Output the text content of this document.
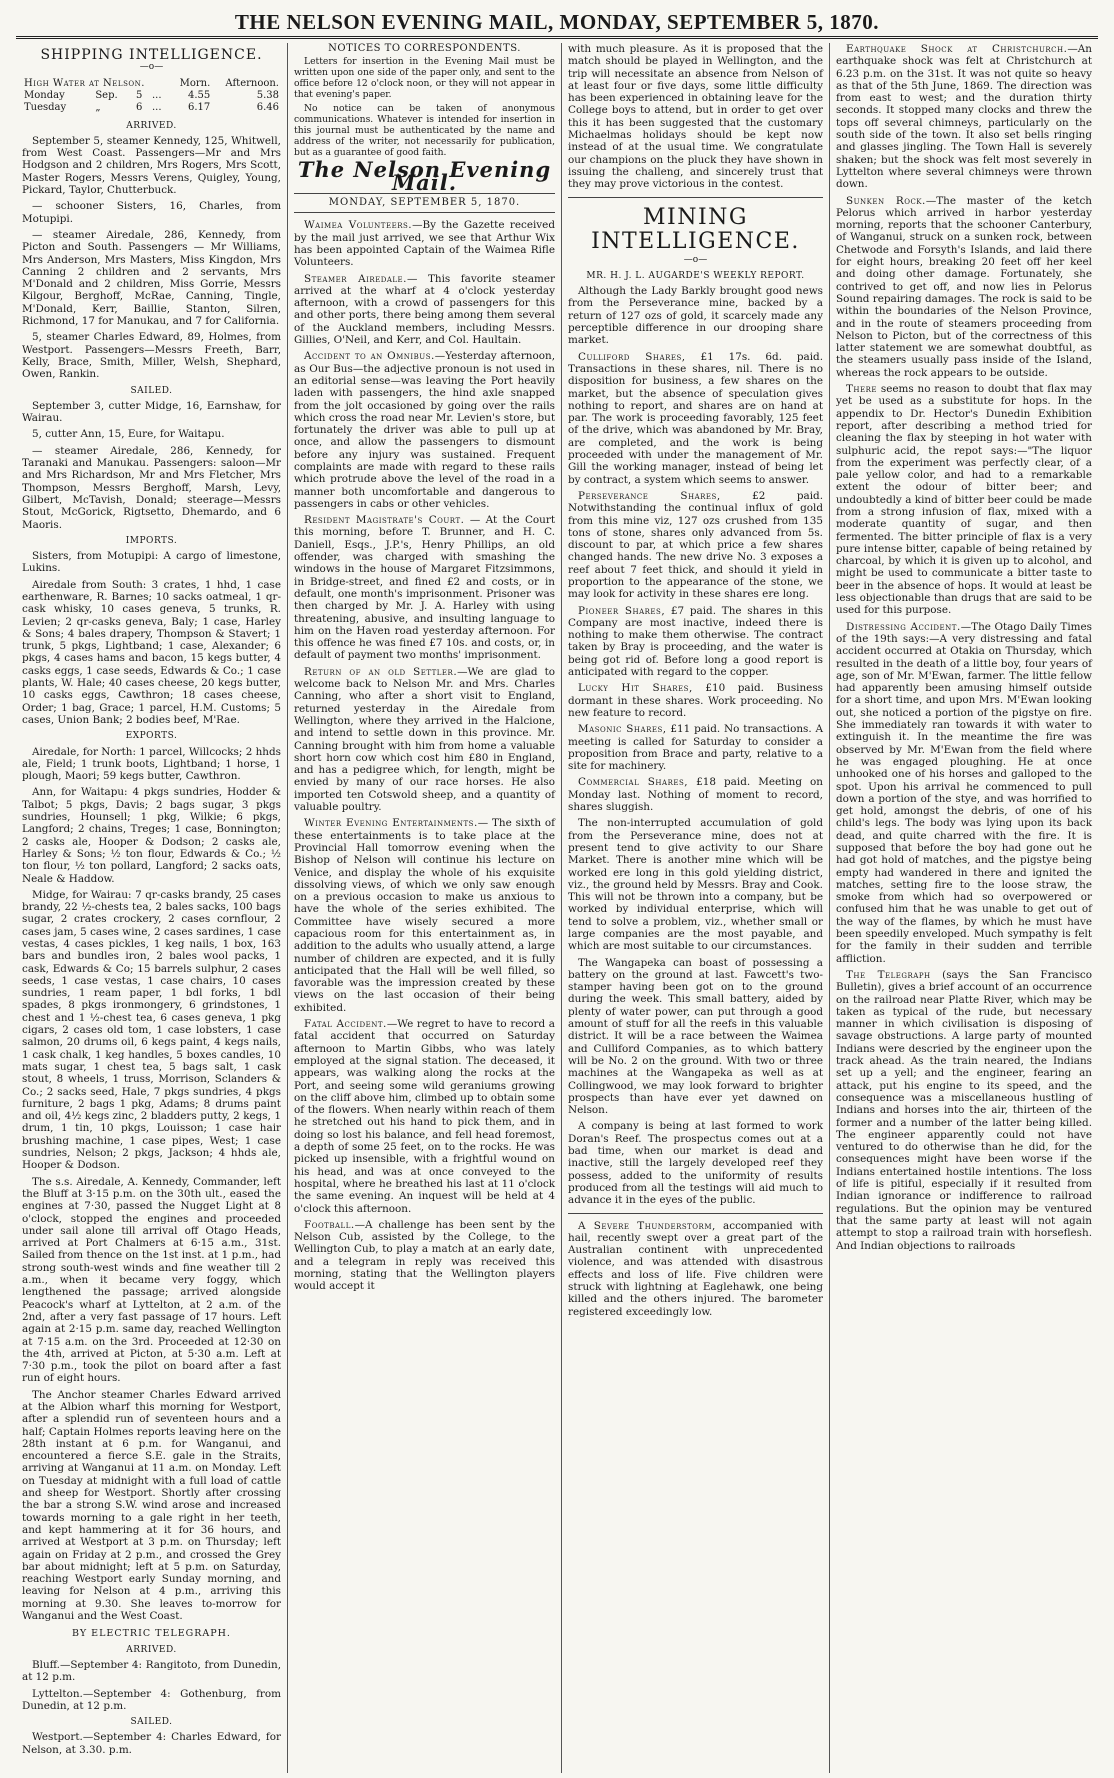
THE NELSON EVENING MAIL, MONDAY, SEPTEMBER 5, 1870.
SHIPPING INTELLIGENCE.
—o—
High Water at Nelson.				Morn.	Afternoon.
Monday	Sep.	5	...	4.55	5.38
Tuesday	„	6	...	6.17	6.46
ARRIVED.

September 5, steamer Kennedy, 125, Whitwell, from West Coast. Passengers—Mr and Mrs Hodgson and 2 children, Mrs Rogers, Mrs Scott, Master Rogers, Messrs Verens, Quigley, Young, Pickard, Taylor, Chutterbuck.

— schooner Sisters, 16, Charles, from Motupipi.

— steamer Airedale, 286, Kennedy, from Picton and South. Passengers — Mr Williams, Mrs Anderson, Mrs Masters, Miss Kingdon, Mrs Canning 2 children and 2 servants, Mrs M'Donald and 2 children, Miss Gorrie, Messrs Kilgour, Berghoff, McRae, Canning, Tingle, M'Donald, Kerr, Baillie, Stanton, Silren, Richmond, 17 for Manukau, and 7 for California.

5, steamer Charles Edward, 89, Holmes, from Westport. Passengers—Messrs Freeth, Barr, Kelly, Brace, Smith, Miller, Welsh, Shephard, Owen, Rankin.

SAILED.

September 3, cutter Midge, 16, Earnshaw, for Wairau.

5, cutter Ann, 15, Eure, for Waitapu.

— steamer Airedale, 286, Kennedy, for Taranaki and Manukau. Passengers: saloon—Mr and Mrs Richardson, Mr and Mrs Fletcher, Mrs Thompson, Messrs Berghoff, Marsh, Levy, Gilbert, McTavish, Donald; steerage—Messrs Stout, McGorick, Rigtsetto, Dhemardo, and 6 Maoris.

IMPORTS.

Sisters, from Motupipi: A cargo of limestone, Lukins.

Airedale from South: 3 crates, 1 hhd, 1 case earthenware, R. Barnes; 10 sacks oatmeal, 1 qr-cask whisky, 10 cases geneva, 5 trunks, R. Levien; 2 qr-casks geneva, Baly; 1 case, Harley & Sons; 4 bales drapery, Thompson & Stavert; 1 trunk, 5 pkgs, Lightband; 1 case, Alexander; 6 pkgs, 4 cases hams and bacon, 15 kegs butter, 4 casks eggs, 1 case seeds, Edwards & Co.; 1 case plants, W. Hale; 40 cases cheese, 20 kegs butter, 10 casks eggs, Cawthron; 18 cases cheese, Order; 1 bag, Grace; 1 parcel, H.M. Customs; 5 cases, Union Bank; 2 bodies beef, M'Rae.

EXPORTS.

Airedale, for North: 1 parcel, Willcocks; 2 hhds ale, Field; 1 trunk boots, Lightband; 1 horse, 1 plough, Maori; 59 kegs butter, Cawthron.

Ann, for Waitapu: 4 pkgs sundries, Hodder & Talbot; 5 pkgs, Davis; 2 bags sugar, 3 pkgs sundries, Hounsell; 1 pkg, Wilkie; 6 pkgs, Langford; 2 chains, Treges; 1 case, Bonnington; 2 casks ale, Hooper & Dodson; 2 casks ale, Harley & Sons; ½ ton flour, Edwards & Co.; ½ ton flour, ½ ton pollard, Langford; 2 sacks oats, Neale & Haddow.

Midge, for Wairau: 7 qr-casks brandy, 25 cases brandy, 22 ½-chests tea, 2 bales sacks, 100 bags sugar, 2 crates crockery, 2 cases cornflour, 2 cases jam, 5 cases wine, 2 cases sardines, 1 case vestas, 4 cases pickles, 1 keg nails, 1 box, 163 bars and bundles iron, 2 bales wool packs, 1 cask, Edwards & Co; 15 barrels sulphur, 2 cases seeds, 1 case vestas, 1 case chairs, 10 cases sundries, 1 ream paper, 1 bdl forks, 1 bdl spades, 8 pkgs ironmongery, 6 grindstones, 1 chest and 1 ½-chest tea, 6 cases geneva, 1 pkg cigars, 2 cases old tom, 1 case lobsters, 1 case salmon, 20 drums oil, 6 kegs paint, 4 kegs nails, 1 cask chalk, 1 keg handles, 5 boxes candles, 10 mats sugar, 1 chest tea, 5 bags salt, 1 cask stout, 8 wheels, 1 truss, Morrison, Sclanders & Co.; 2 sacks seed, Hale, 7 pkgs sundries, 4 pkgs furniture, 2 bags 1 pkg, Adams; 8 drums paint and oil, 4½ kegs zinc, 2 bladders putty, 2 kegs, 1 drum, 1 tin, 10 pkgs, Louisson; 1 case hair brushing machine, 1 case pipes, West; 1 case sundries, Nelson; 2 pkgs, Jackson; 4 hhds ale, Hooper & Dodson.

The s.s. Airedale, A. Kennedy, Commander, left the Bluff at 3·15 p.m. on the 30th ult., eased the engines at 7·30, passed the Nugget Light at 8 o'clock, stopped the engines and proceeded under sail alone till arrival off Otago Heads, arrived at Port Chalmers at 6·15 a.m., 31st. Sailed from thence on the 1st inst. at 1 p.m., had strong south-west winds and fine weather till 2 a.m., when it became very foggy, which lengthened the passage; arrived alongside Peacock's wharf at Lyttelton, at 2 a.m. of the 2nd, after a very fast passage of 17 hours. Left again at 2·15 p.m. same day, reached Wellington at 7·15 a.m. on the 3rd. Proceeded at 12·30 on the 4th, arrived at Picton, at 5·30 a.m. Left at 7·30 p.m., took the pilot on board after a fast run of eight hours.

The Anchor steamer Charles Edward arrived at the Albion wharf this morning for Westport, after a splendid run of seventeen hours and a half; Captain Holmes reports leaving here on the 28th instant at 6 p.m. for Wanganui, and encountered a fierce S.E. gale in the Straits, arriving at Wanganui at 11 a.m. on Monday. Left on Tuesday at midnight with a full load of cattle and sheep for Westport. Shortly after crossing the bar a strong S.W. wind arose and increased towards morning to a gale right in her teeth, and kept hammering at it for 36 hours, and arrived at Westport at 3 p.m. on Thursday; left again on Friday at 2 p.m., and crossed the Grey bar about midnight; left at 5 p.m. on Saturday, reaching Westport early Sunday morning, and leaving for Nelson at 4 p.m., arriving this morning at 9.30. She leaves to-morrow for Wanganui and the West Coast.

BY ELECTRIC TELEGRAPH.
ARRIVED.

Bluff.—September 4: Rangitoto, from Dunedin, at 12 p.m.

Lyttelton.—September 4: Gothenburg, from Dunedin, at 12 p.m.

SAILED.

Westport.—September 4: Charles Edward, for Nelson, at 3.30. p.m.

NOTICES TO CORRESPONDENTS.

Letters for insertion in the Evening Mail must be written upon one side of the paper only, and sent to the office before 12 o'clock noon, or they will not appear in that evening's paper.

No notice can be taken of anonymous communications. Whatever is intended for insertion in this journal must be authenticated by the name and address of the writer, not necessarily for publication, but as a guarantee of good faith.

The Nelson Evening Mail.
MONDAY, SEPTEMBER 5, 1870.

Waimea Volunteers.—By the Gazette received by the mail just arrived, we see that Arthur Wix has been appointed Captain of the Waimea Rifle Volunteers.

Steamer Airedale.— This favorite steamer arrived at the wharf at 4 o'clock yesterday afternoon, with a crowd of passengers for this and other ports, there being among them several of the Auckland members, including Messrs. Gillies, O'Neil, and Kerr, and Col. Haultain.

Accident to an Omnibus.—Yesterday afternoon, as Our Bus—the adjective pronoun is not used in an editorial sense—was leaving the Port heavily laden with passengers, the hind axle snapped from the jolt occasioned by going over the rails which cross the road near Mr. Levien's store, but fortunately the driver was able to pull up at once, and allow the passengers to dismount before any injury was sustained. Frequent complaints are made with regard to these rails which protrude above the level of the road in a manner both uncomfortable and dangerous to passengers in cabs or other vehicles.

Resident Magistrate's Court. — At the Court this morning, before T. Brunner, and H. C. Daniell, Esqs., J.P.'s, Henry Phillips, an old offender, was charged with smashing the windows in the house of Margaret Fitzsimmons, in Bridge-street, and fined £2 and costs, or in default, one month's imprisonment. Prisoner was then charged by Mr. J. A. Harley with using threatening, abusive, and insulting language to him on the Haven road yesterday afternoon. For this offence he was fined £7 10s. and costs, or, in default of payment two months' imprisonment.

Return of an old Settler.—We are glad to welcome back to Nelson Mr. and Mrs. Charles Canning, who after a short visit to England, returned yesterday in the Airedale from Wellington, where they arrived in the Halcione, and intend to settle down in this province. Mr. Canning brought with him from home a valuable short horn cow which cost him £80 in England, and has a pedigree which, for length, might be envied by many of our race horses. He also imported ten Cotswold sheep, and a quantity of valuable poultry.

Winter Evening Entertainments.— The sixth of these entertainments is to take place at the Provincial Hall tomorrow evening when the Bishop of Nelson will continue his lecture on Venice, and display the whole of his exquisite dissolving views, of which we only saw enough on a previous occasion to make us anxious to have the whole of the series exhibited. The Committee have wisely secured a more capacious room for this entertainment as, in addition to the adults who usually attend, a large number of children are expected, and it is fully anticipated that the Hall will be well filled, so favorable was the impression created by these views on the last occasion of their being exhibited.

Fatal Accident.—We regret to have to record a fatal accident that occurred on Saturday afternoon to Martin Gibbs, who was lately employed at the signal station. The deceased, it appears, was walking along the rocks at the Port, and seeing some wild geraniums growing on the cliff above him, climbed up to obtain some of the flowers. When nearly within reach of them he stretched out his hand to pick them, and in doing so lost his balance, and fell head foremost, a depth of some 25 feet, on to the rocks. He was picked up insensible, with a frightful wound on his head, and was at once conveyed to the hospital, where he breathed his last at 11 o'clock the same evening. An inquest will be held at 4 o'clock this afternoon.

Football.—A challenge has been sent by the Nelson Cub, assisted by the College, to the Wellington Cub, to play a match at an early date, and a telegram in reply was received this morning, stating that the Wellington players would accept it

with much pleasure. As it is proposed that the match should be played in Wellington, and the trip will necessitate an absence from Nelson of at least four or five days, some little difficulty has been experienced in obtaining leave for the College boys to attend, but in order to get over this it has been suggested that the customary Michaelmas holidays should be kept now instead of at the usual time. We congratulate our champions on the pluck they have shown in issuing the challeng, and sincerely trust that they may prove victorious in the contest.

MINING INTELLIGENCE.
—o—
MR. H. J. L. AUGARDE'S WEEKLY REPORT.

Although the Lady Barkly brought good news from the Perseverance mine, backed by a return of 127 ozs of gold, it scarcely made any perceptible difference in our drooping share market.

Culliford Shares, £1 17s. 6d. paid. Transactions in these shares, nil. There is no disposition for business, a few shares on the market, but the absence of speculation gives nothing to report, and shares are on hand at par. The work is proceeding favorably, 125 feet of the drive, which was abandoned by Mr. Bray, are completed, and the work is being proceeded with under the management of Mr. Gill the working manager, instead of being let by contract, a system which seems to answer.

Perseverance Shares, £2 paid. Notwithstanding the continual influx of gold from this mine viz, 127 ozs crushed from 135 tons of stone, shares only advanced from 5s. discount to par, at which price a few shares changed hands. The new drive No. 3 exposes a reef about 7 feet thick, and should it yield in proportion to the appearance of the stone, we may look for activity in these shares ere long.

Pioneer Shares, £7 paid. The shares in this Company are most inactive, indeed there is nothing to make them otherwise. The contract taken by Bray is proceeding, and the water is being got rid of. Before long a good report is anticipated with regard to the copper.

Lucky Hit Shares, £10 paid. Business dormant in these shares. Work proceeding. No new feature to record.

Masonic Shares, £11 paid. No transactions. A meeting is called for Saturday to consider a proposition from Brace and party, relative to a site for machinery.

Commercial Shares, £18 paid. Meeting on Monday last. Nothing of moment to record, shares sluggish.

The non-interrupted accumulation of gold from the Perseverance mine, does not at present tend to give activity to our Share Market. There is another mine which will be worked ere long in this gold yielding district, viz., the ground held by Messrs. Bray and Cook. This will not be thrown into a company, but be worked by individual enterprise, which will tend to solve a problem, viz., whether small or large companies are the most payable, and which are most suitable to our circumstances.

The Wangapeka can boast of possessing a battery on the ground at last. Fawcett's two-stamper having been got on to the ground during the week. This small battery, aided by plenty of water power, can put through a good amount of stuff for all the reefs in this valuable district. It will be a race between the Waimea and Culliford Companies, as to which battery will be No. 2 on the ground. With two or three machines at the Wangapeka as well as at Collingwood, we may look forward to brighter prospects than have ever yet dawned on Nelson.

A company is being at last formed to work Doran's Reef. The prospectus comes out at a bad time, when our market is dead and inactive, still the largely developed reef they possess, added to the uniformity of results produced from all the testings will aid much to advance it in the eyes of the public.

A Severe Thunderstorm, accompanied with hail, recently swept over a great part of the Australian continent with unprecedented violence, and was attended with disastrous effects and loss of life. Five children were struck with lightning at Eaglehawk, one being killed and the others injured. The barometer registered exceedingly low.

Earthquake Shock at Christchurch.—An earthquake shock was felt at Christchurch at 6.23 p.m. on the 31st. It was not quite so heavy as that of the 5th June, 1869. The direction was from east to west; and the duration thirty seconds. It stopped many clocks and threw the tops off several chimneys, particularly on the south side of the town. It also set bells ringing and glasses jingling. The Town Hall is severely shaken; but the shock was felt most severely in Lyttelton where several chimneys were thrown down.

Sunken Rock.—The master of the ketch Pelorus which arrived in harbor yesterday morning, reports that the schooner Canterbury, of Wanganui, struck on a sunken rock, between Chetwode and Forsyth's Islands, and laid there for eight hours, breaking 20 feet off her keel and doing other damage. Fortunately, she contrived to get off, and now lies in Pelorus Sound repairing damages. The rock is said to be within the boundaries of the Nelson Province, and in the route of steamers proceeding from Nelson to Picton, but of the correctness of this latter statement we are somewhat doubtful, as the steamers usually pass inside of the Island, whereas the rock appears to be outside.

There seems no reason to doubt that flax may yet be used as a substitute for hops. In the appendix to Dr. Hector's Dunedin Exhibition report, after describing a method tried for cleaning the flax by steeping in hot water with sulphuric acid, the repot says:—"The liquor from the experiment was perfectly clear, of a pale yellow color, and had to a remarkable extent the odour of bitter beer; and undoubtedly a kind of bitter beer could be made from a strong infusion of flax, mixed with a moderate quantity of sugar, and then fermented. The bitter principle of flax is a very pure intense bitter, capable of being retained by charcoal, by which it is given up to alcohol, and might be used to communicate a bitter taste to beer in the absence of hops. It would at least be less objectionable than drugs that are said to be used for this purpose.

Distressing Accident.—The Otago Daily Times of the 19th says:—A very distressing and fatal accident occurred at Otakia on Thursday, which resulted in the death of a little boy, four years of age, son of Mr. M'Ewan, farmer. The little fellow had apparently been amusing himself outside for a short time, and upon Mrs. M'Ewan looking out, she noticed a portion of the pigstye on fire. She immediately ran towards it with water to extinguish it. In the meantime the fire was observed by Mr. M'Ewan from the field where he was engaged ploughing. He at once unhooked one of his horses and galloped to the spot. Upon his arrival he commenced to pull down a portion of the stye, and was horrified to get hold, amongst the debris, of one of his child's legs. The body was lying upon its back dead, and quite charred with the fire. It is supposed that before the boy had gone out he had got hold of matches, and the pigstye being empty had wandered in there and ignited the matches, setting fire to the loose straw, the smoke from which had so overpowered or confused him that he was unable to get out of the way of the flames, by which he must have been speedily enveloped. Much sympathy is felt for the family in their sudden and terrible affliction.

The Telegraph (says the San Francisco Bulletin), gives a brief account of an occurrence on the railroad near Platte River, which may be taken as typical of the rude, but necessary manner in which civilisation is disposing of savage obstructions. A large party of mounted Indians were descried by the engineer upon the track ahead. As the train neared, the Indians set up a yell; and the engineer, fearing an attack, put his engine to its speed, and the consequence was a miscellaneous hustling of Indians and horses into the air, thirteen of the former and a number of the latter being killed. The engineer apparently could not have ventured to do otherwise than he did, for the consequences might have been worse if the Indians entertained hostile intentions. The loss of life is pitiful, especially if it resulted from Indian ignorance or indifference to railroad regulations. But the opinion may be ventured that the same party at least will not again attempt to stop a railroad train with horseflesh. And Indian objections to railroads
